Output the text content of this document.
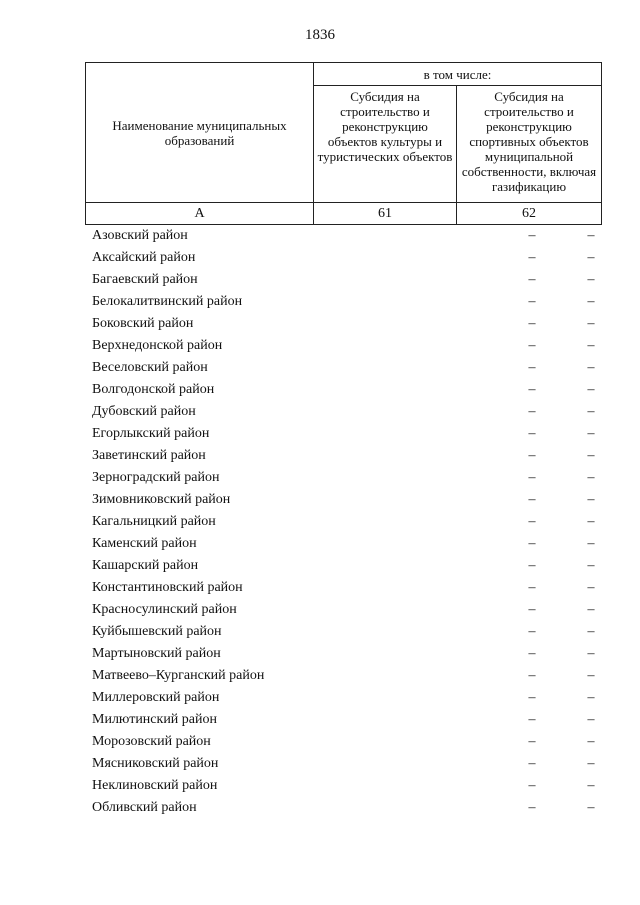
1836
Наименование муниципальных образований	в том числе:	
	Субсидия на строительство и реконструкцию объектов культуры и туристических объектов	Субсидия на строительство и реконструкцию спортивных объектов муниципальной собственности, включая газификацию
А	61	62
Азовский район	–	–
Аксайский район	–	–
Багаевский район	–	–
Белокалитвинский район	–	–
Боковский район	–	–
Верхнедонской район	–	–
Веселовский район	–	–
Волгодонской район	–	–
Дубовский район	–	–
Егорлыкский район	–	–
Заветинский район	–	–
Зерноградский район	–	–
Зимовниковский район	–	–
Кагальницкий район	–	–
Каменский район	–	–
Кашарский район	–	–
Константиновский район	–	–
Красносулинский район	–	–
Куйбышевский район	–	–
Мартыновский район	–	–
Матвеево–Курганский район	–	–
Миллеровский район	–	–
Милютинский район	–	–
Морозовский район	–	–
Мясниковский район	–	–
Неклиновский район	–	–
Обливский район	–	–
